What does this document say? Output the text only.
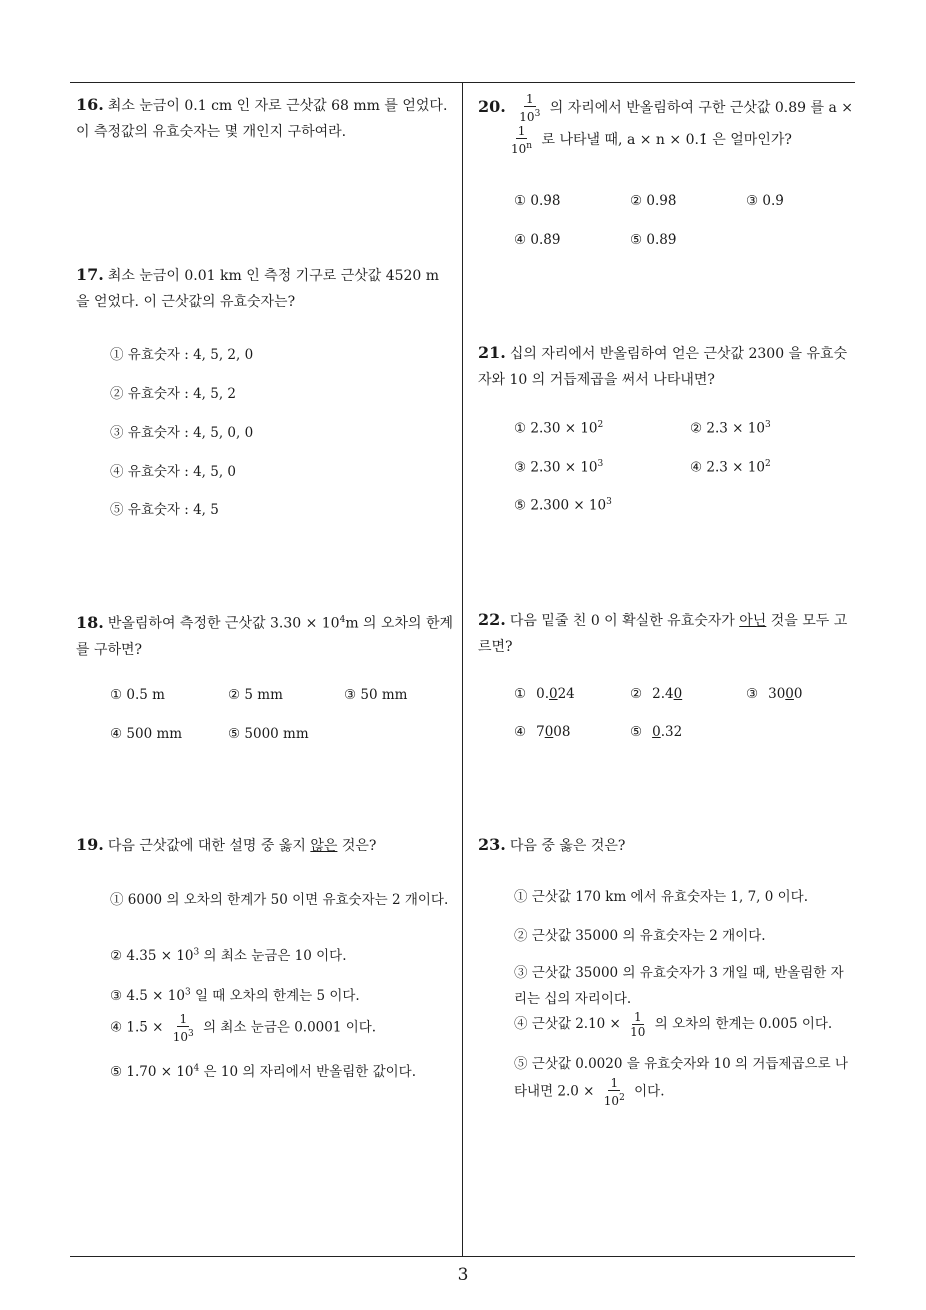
16. 최소 눈금이 0.1 cm 인 자로 근삿값 68 mm 를 얻었다. 이 측정값의 유효숫자는 몇 개인지 구하여라.
17. 최소 눈금이 0.01 km 인 측정 기구로 근삿값 4520 m 을 얻었다. 이 근삿값의 유효숫자는?
① 유효숫자 : 4, 5, 2, 0
② 유효숫자 : 4, 5, 2
③ 유효숫자 : 4, 5, 0, 0
④ 유효숫자 : 4, 5, 0
⑤ 유효숫자 : 4, 5
18. 반올림하여 측정한 근삿값 $3.30 \times 10^4m$ 의 오차의 한계를 구하면?
① 0.5 m	② 5 mm	③ 50 mm
④ 500 mm	⑤ 5000 mm
19. 다음 근삿값에 대한 설명 중 옳지 않은 것은?
① 6000 의 오차의 한계가 50 이면 유효숫자는 2 개이다.
② $4.35 \times 10^3$ 의 최소 눈금은 10 이다.
③ $4.5 \times 10^3$ 일 때 오차의 한계는 5 이다.
④ $1.5 \times \frac{1}{10^3}$ 의 최소 눈금은 0.0001 이다.
⑤ $1.70 \times 10^4$ 은 10 의 자리에서 반올림한 값이다.
20. $\frac{1}{10^3}$ 의 자리에서 반올림하여 구한 근삿값 0.89 를 a ×
$\frac{1}{10^n}$ 로 나타낼 때, a × n × 0.1̇ 은 얼마인가?
① 0.9̇8̇	② 0.98̇	③ 0.9̇
④ 0.8̇9̇	⑤ 0.89̇
21. 십의 자리에서 반올림하여 얻은 근삿값 2300 을 유효숫자와 10 의 거듭제곱을 써서 나타내면?
① $2.30 \times 10^2$	② $2.3 \times 10^3$
③ $2.30 \times 10^3$	④ $2.3 \times 10^2$
⑤ $2.300 \times 10^3$
22. 다음 밑줄 친 0 이 확실한 유효숫자가 아닌 것을 모두 고르면?
① 0.024	② 2.40	③ 3000
④ 7008	⑤ 0.32
23. 다음 중 옳은 것은?
① 근삿값 170 km 에서 유효숫자는 1, 7, 0 이다.
② 근삿값 35000 의 유효숫자는 2 개이다.
③ 근삿값 35000 의 유효숫자가 3 개일 때, 반올림한 자리는 십의 자리이다.
④ 근삿값 $2.10 \times \frac{1}{10}$ 의 오차의 한계는 0.005 이다.
⑤ 근삿값 0.0020 을 유효숫자와 10 의 거듭제곱으로 나타내면 $2.0 \times \frac{1}{10^2}$ 이다.
3
